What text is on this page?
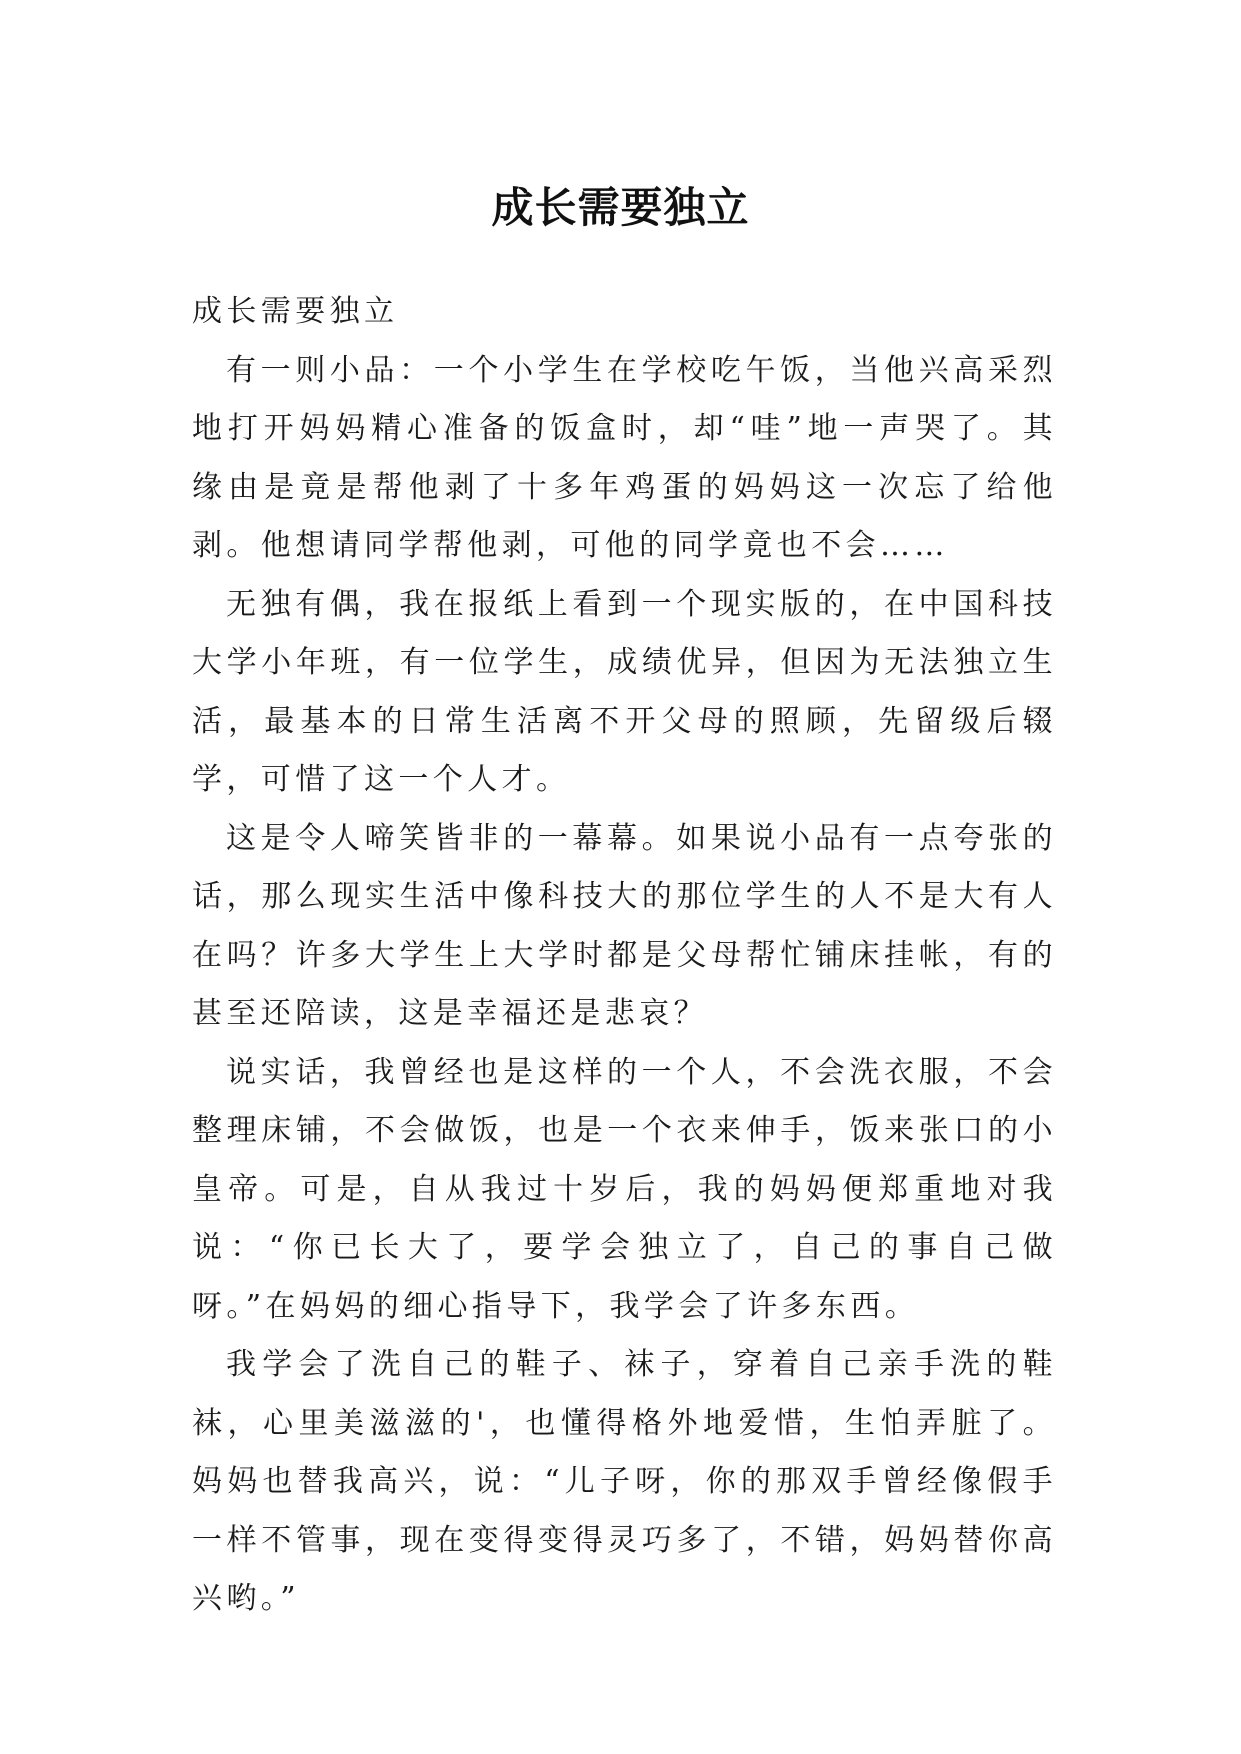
成长需要独立

成长需要独立

有一则小品：一个小学生在学校吃午饭，当他兴高采烈地打开妈妈精心准备的饭盒时，却“哇”地一声哭了。其缘由是竟是帮他剥了十多年鸡蛋的妈妈这一次忘了给他剥。他想请同学帮他剥，可他的同学竟也不会……

无独有偶，我在报纸上看到一个现实版的，在中国科技大学小年班，有一位学生，成绩优异，但因为无法独立生活，最基本的日常生活离不开父母的照顾，先留级后辍学，可惜了这一个人才。

这是令人啼笑皆非的一幕幕。如果说小品有一点夸张的话，那么现实生活中像科技大的那位学生的人不是大有人在吗？许多大学生上大学时都是父母帮忙铺床挂帐，有的甚至还陪读，这是幸福还是悲哀？

说实话，我曾经也是这样的一个人，不会洗衣服，不会整理床铺，不会做饭，也是一个衣来伸手，饭来张口的小皇帝。可是，自从我过十岁后，我的妈妈便郑重地对我说：“你已长大了，要学会独立了，自己的事自己做呀。”在妈妈的细心指导下，我学会了许多东西。

我学会了洗自己的鞋子、袜子，穿着自己亲手洗的鞋袜，心里美滋滋的'，也懂得格外地爱惜，生怕弄脏了。妈妈也替我高兴，说：“儿子呀，你的那双手曾经像假手一样不管事，现在变得变得灵巧多了，不错，妈妈替你高兴哟。”
